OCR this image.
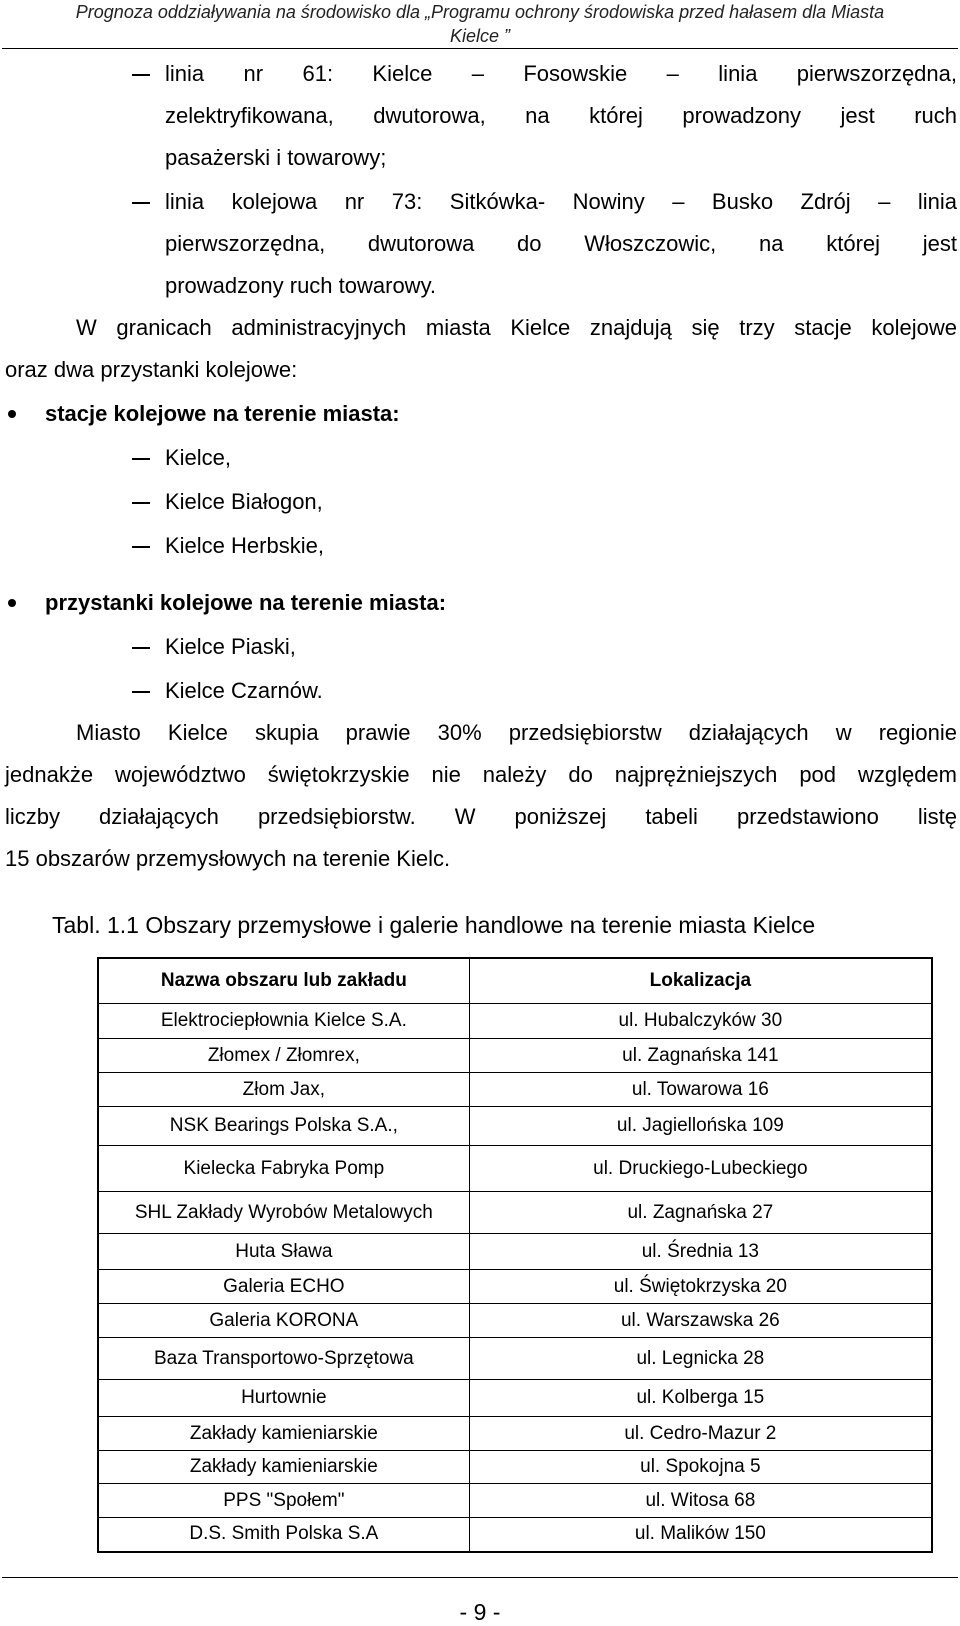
Prognoza oddziaływania na środowisko dla „Programu ochrony środowiska przed hałasem dla Miasta
Kielce ”
linia nr 61: Kielce – Fosowskie – linia pierwszorzędna,
zelektryfikowana, dwutorowa, na której prowadzony jest ruch
pasażerski i towarowy;
linia kolejowa nr 73: Sitkówka- Nowiny – Busko Zdrój – linia
pierwszorzędna, dwutorowa do Włoszczowic, na której jest
prowadzony ruch towarowy.
W granicach administracyjnych miasta Kielce znajdują się trzy stacje kolejowe
oraz dwa przystanki kolejowe:
stacje kolejowe na terenie miasta:
Kielce,
Kielce Białogon,
Kielce Herbskie,
przystanki kolejowe na terenie miasta:
Kielce Piaski,
Kielce Czarnów.
Miasto Kielce skupia prawie 30% przedsiębiorstw działających w regionie
jednakże województwo świętokrzyskie nie należy do najprężniejszych pod względem
liczby działających przedsiębiorstw. W poniższej tabeli przedstawiono listę
15 obszarów przemysłowych na terenie Kielc.
Tabl. 1.1 Obszary przemysłowe i galerie handlowe na terenie miasta Kielce
Nazwa obszaru lub zakładu	Lokalizacja
Elektrociepłownia Kielce S.A.	ul. Hubalczyków 30
Złomex / Złomrex,	ul. Zagnańska 141
Złom Jax,	ul. Towarowa 16
NSK Bearings Polska S.A.,	ul. Jagiellońska 109
Kielecka Fabryka Pomp	ul. Druckiego-Lubeckiego
SHL Zakłady Wyrobów Metalowych	ul. Zagnańska 27
Huta Sława	ul. Średnia 13
Galeria ECHO	ul. Świętokrzyska 20
Galeria KORONA	ul. Warszawska 26
Baza Transportowo-Sprzętowa	ul. Legnicka 28
Hurtownie	ul. Kolberga 15
Zakłady kamieniarskie	ul. Cedro-Mazur 2
Zakłady kamieniarskie	ul. Spokojna 5
PPS "Społem"	ul. Witosa 68
D.S. Smith Polska S.A	ul. Malików 150
- 9 -
